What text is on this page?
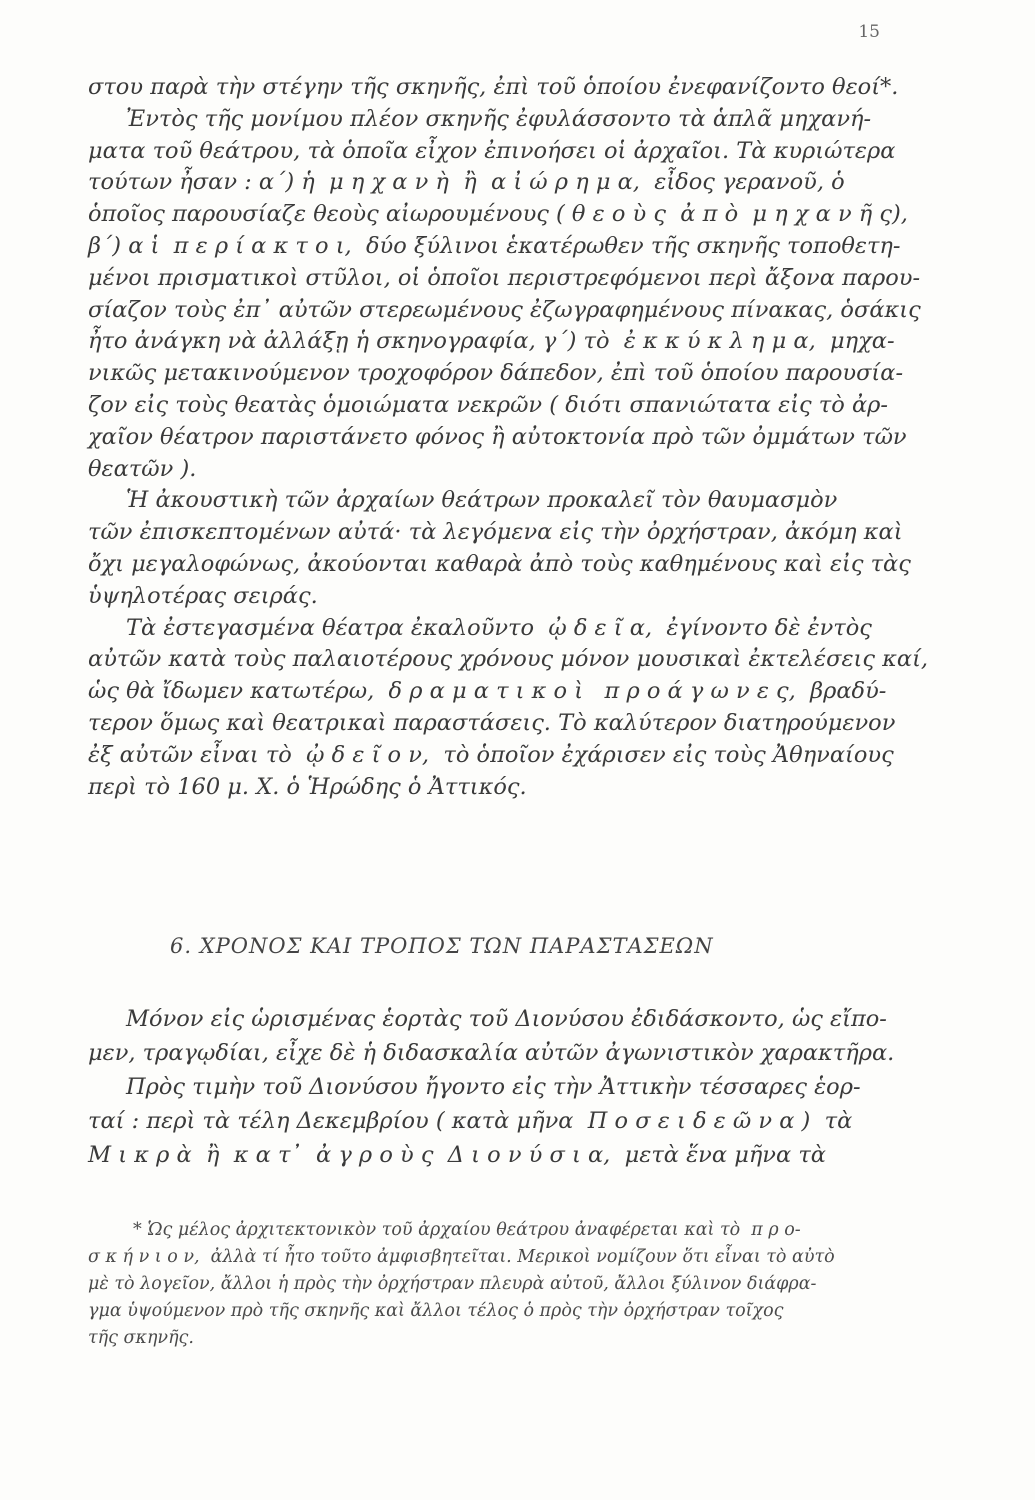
15
στου παρὰ τὴν στέγην τῆς σκηνῆς, ἐπὶ τοῦ ὁποίου ἐνεφανίζοντο θεοί*.
Ἐντὸς τῆς μονίμου πλέον σκηνῆς ἐφυλάσσοντο τὰ ἁπλᾶ μηχανή-
ματα τοῦ θεάτρου, τὰ ὁποῖα εἶχον ἐπινοήσει οἱ ἀρχαῖοι. Τὰ κυριώτερα
τούτων ἦσαν : α΄) ἡ  μ η χ α ν ὴ  ἢ  α ἰ ώ ρ η μ α,  εἶδος γερανοῦ, ὁ
ὁποῖος παρουσίαζε θεοὺς αἰωρουμένους ( θ ε ο ὺ ς  ἀ π ὸ  μ η χ α ν ῆ ς),
β΄) α ἱ  π ε ρ ί α κ τ ο ι,  δύο ξύλινοι ἑκατέρωθεν τῆς σκηνῆς τοποθετη-
μένοι πρισματικοὶ στῦλοι, οἱ ὁποῖοι περιστρεφόμενοι περὶ ἄξονα παρου-
σίαζον τοὺς ἐπ᾽ αὐτῶν στερεωμένους ἐζωγραφημένους πίνακας, ὁσάκις
ἦτο ἀνάγκη νὰ ἀλλάξῃ ἡ σκηνογραφία, γ΄) τὸ  ἐ κ κ ύ κ λ η μ α,  μηχα-
νικῶς μετακινούμενον τροχοφόρον δάπεδον, ἐπὶ τοῦ ὁποίου παρουσία-
ζον εἰς τοὺς θεατὰς ὁμοιώματα νεκρῶν ( διότι σπανιώτατα εἰς τὸ ἀρ-
χαῖον θέατρον παριστάνετο φόνος ἢ αὐτοκτονία πρὸ τῶν ὀμμάτων τῶν
θεατῶν ).
Ἡ ἀκουστικὴ τῶν ἀρχαίων θεάτρων προκαλεῖ τὸν θαυμασμὸν
τῶν ἐπισκεπτομένων αὐτά· τὰ λεγόμενα εἰς τὴν ὀρχήστραν, ἀκόμη καὶ
ὄχι μεγαλοφώνως, ἀκούονται καθαρὰ ἀπὸ τοὺς καθημένους καὶ εἰς τὰς
ὑψηλοτέρας σειράς.
Τὰ ἐστεγασμένα θέατρα ἐκαλοῦντο  ᾠ δ ε ῖ α,  ἐγίνοντο δὲ ἐντὸς
αὐτῶν κατὰ τοὺς παλαιοτέρους χρόνους μόνον μουσικαὶ ἐκτελέσεις καί,
ὡς θὰ ἴδωμεν κατωτέρω,  δ ρ α μ α τ ι κ ο ὶ   π ρ ο ά γ ω ν ε ς,  βραδύ-
τερον ὅμως καὶ θεατρικαὶ παραστάσεις. Τὸ καλύτερον διατηρούμενον
ἐξ αὐτῶν εἶναι τὸ  ᾠ δ ε ῖ ο ν,  τὸ ὁποῖον ἐχάρισεν εἰς τοὺς Ἀθηναίους
περὶ τὸ 160 μ. Χ. ὁ Ἡρώδης ὁ Ἀττικός.
6. ΧΡΟΝΟΣ ΚΑΙ ΤΡΟΠΟΣ ΤΩΝ ΠΑΡΑΣΤΑΣΕΩΝ
Μόνον εἰς ὡρισμένας ἑορτὰς τοῦ Διονύσου ἐδιδάσκοντο, ὡς εἴπο-
μεν, τραγῳδίαι, εἶχε δὲ ἡ διδασκαλία αὐτῶν ἀγωνιστικὸν χαρακτῆρα.
Πρὸς τιμὴν τοῦ Διονύσου ἤγοντο εἰς τὴν Ἀττικὴν τέσσαρες ἑορ-
ταί : περὶ τὰ τέλη Δεκεμβρίου ( κατὰ μῆνα  Π ο σ ε ι δ ε ῶ ν α )  τὰ
Μ ι κ ρ ὰ  ἢ  κ α τ᾽  ἀ γ ρ ο ὺ ς  Δ ι ο ν ύ σ ι α,  μετὰ ἕνα μῆνα τὰ
* Ὡς μέλος ἀρχιτεκτονικὸν τοῦ ἀρχαίου θεάτρου ἀναφέρεται καὶ τὸ  π ρ ο-
σ κ ή ν ι ο ν,  ἀλλὰ τί ἦτο τοῦτο ἀμφισβητεῖται. Μερικοὶ νομίζουν ὅτι εἶναι τὸ αὐτὸ
μὲ τὸ λογεῖον, ἄλλοι ἡ πρὸς τὴν ὀρχήστραν πλευρὰ αὐτοῦ, ἄλλοι ξύλινον διάφρα-
γμα ὑψούμενον πρὸ τῆς σκηνῆς καὶ ἄλλοι τέλος ὁ πρὸς τὴν ὀρχήστραν τοῖχος
τῆς σκηνῆς.
